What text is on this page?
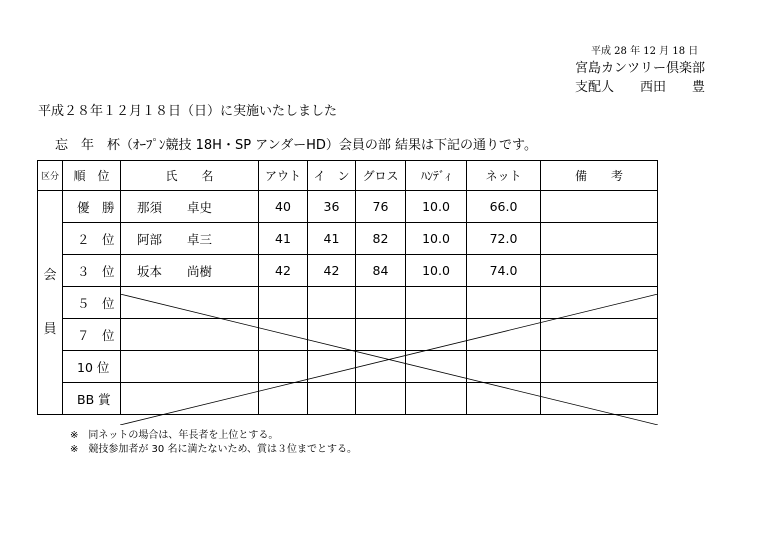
平成 28 年 12 月 18 日
宮島カンツリー倶楽部
支配人　　西田　　豊
平成２８年１２月１８日（日）に実施いたしました
忘　年　杯（ｵｰﾌﾟﾝ競技 18H・SP アンダーHD）会員の部 結果は下記の通りです。
区分	順　位	氏　　名	アウト	イ　ン	グロス	ﾊﾝﾃﾞｨ	ネット	備　　考

会
員	優　勝	那須　　卓史	40	36	76	10.0	66.0	
	２　位	阿部　　卓三	41	41	82	10.0	72.0	
	３　位	坂本　　尚樹	42	42	84	10.0	74.0	
	５　位							
	７　位							
	10 位							
	BB 賞							
※　同ネットの場合は、年長者を上位とする。
※　競技参加者が 30 名に満たないため、賞は３位までとする。
